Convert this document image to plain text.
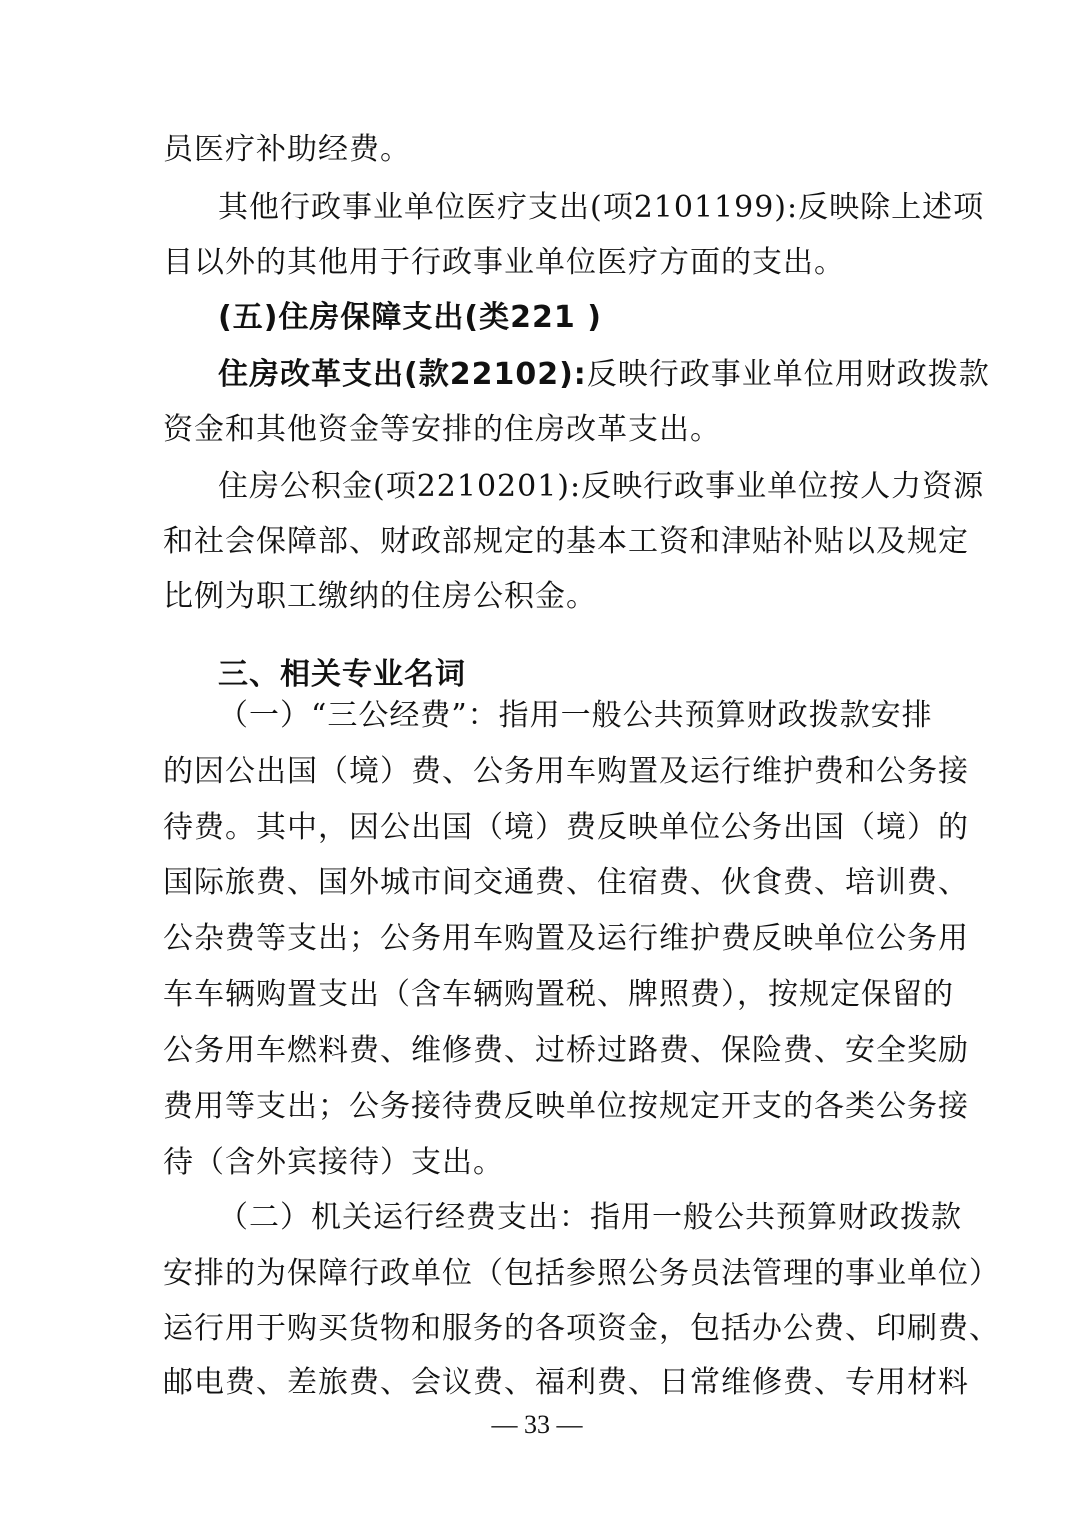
员医疗补助经费。
其他行政事业单位医疗支出(项2101199):反映除上述项
目以外的其他用于行政事业单位医疗方面的支出。
(五)住房保障支出(类221 )
住房改革支出(款22102):反映行政事业单位用财政拨款
资金和其他资金等安排的住房改革支出。
住房公积金(项2210201):反映行政事业单位按人力资源
和社会保障部、财政部规定的基本工资和津贴补贴以及规定
比例为职工缴纳的住房公积金。
三、相关专业名词
（一）“三公经费”：指用一般公共预算财政拨款安排
的因公出国（境）费、公务用车购置及运行维护费和公务接
待费。其中，因公出国（境）费反映单位公务出国（境）的
国际旅费、国外城市间交通费、住宿费、伙食费、培训费、
公杂费等支出；公务用车购置及运行维护费反映单位公务用
车车辆购置支出（含车辆购置税、牌照费），按规定保留的
公务用车燃料费、维修费、过桥过路费、保险费、安全奖励
费用等支出；公务接待费反映单位按规定开支的各类公务接
待（含外宾接待）支出。
（二）机关运行经费支出：指用一般公共预算财政拨款
安排的为保障行政单位（包括参照公务员法管理的事业单位）
运行用于购买货物和服务的各项资金，包括办公费、印刷费、
邮电费、差旅费、会议费、福利费、日常维修费、专用材料
— 33 —
